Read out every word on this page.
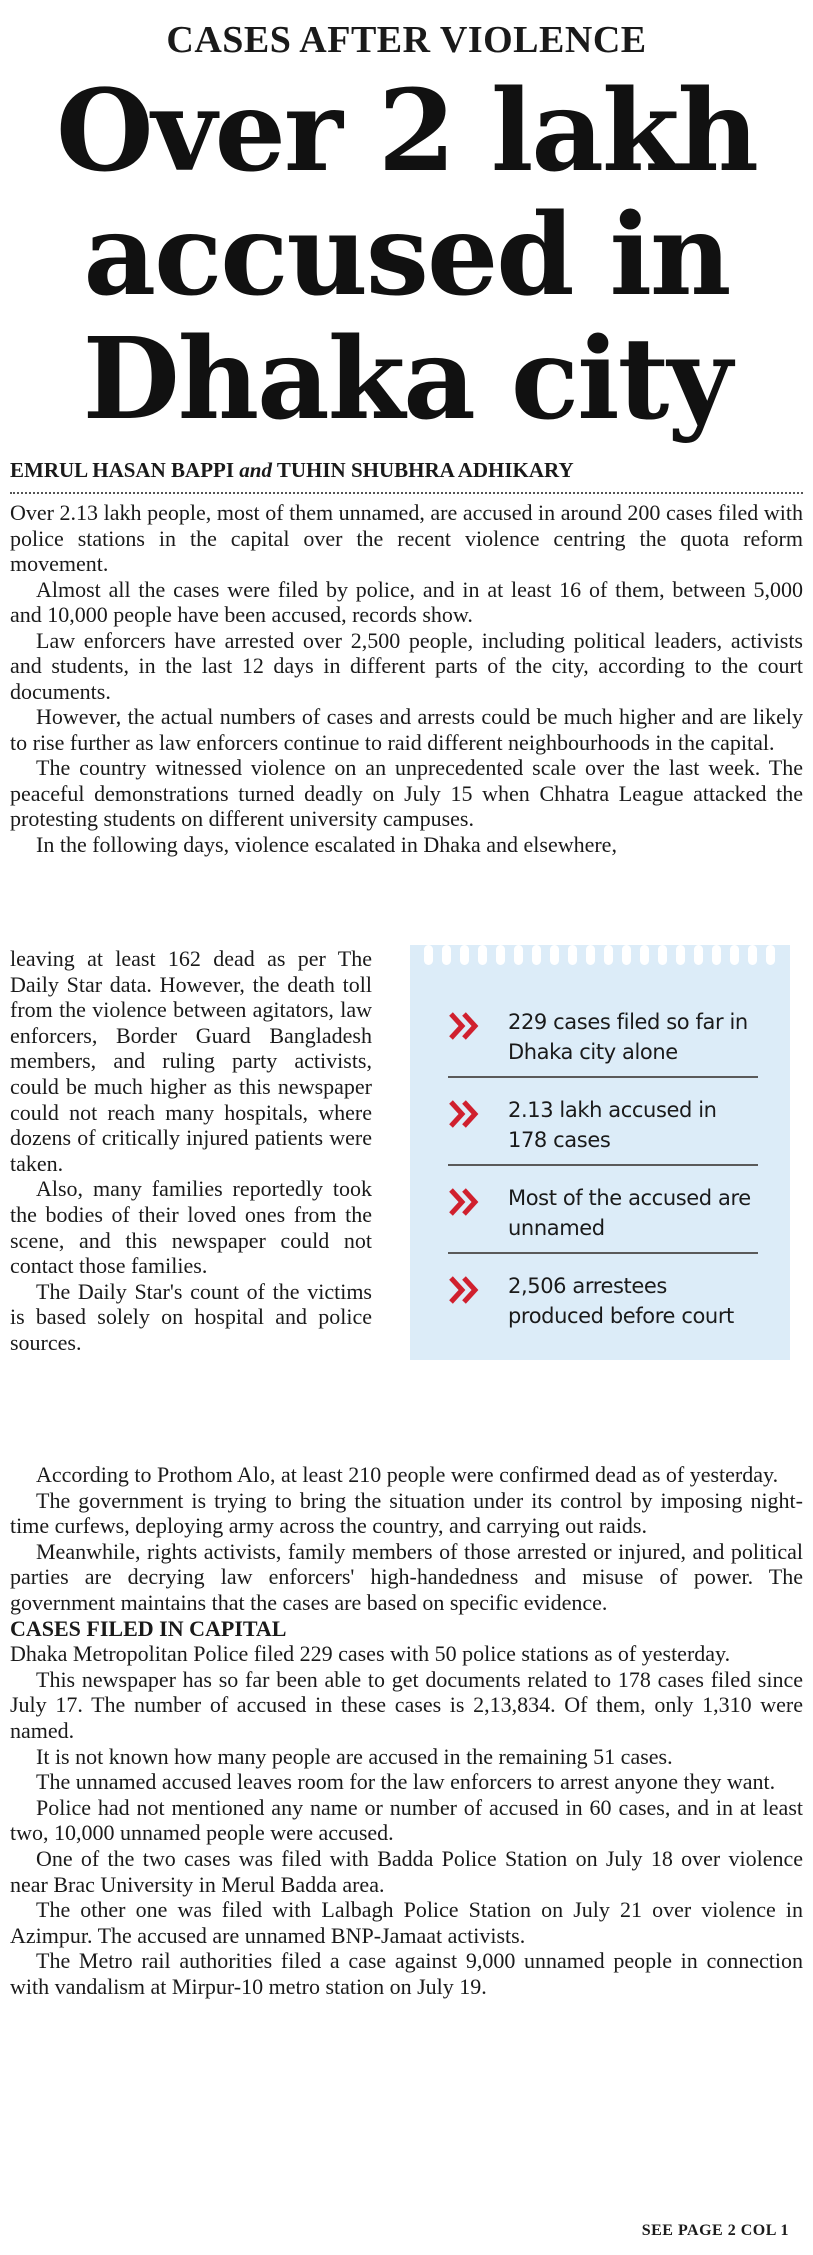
CASES AFTER VIOLENCE
Over 2 lakh
accused in
Dhaka city
EMRUL HASAN BAPPI and TUHIN SHUBHRA ADHIKARY

Over 2.13 lakh people, most of them unnamed, are accused in around 200 cases filed with police stations in the capital over the recent violence centring the quota reform movement.

Almost all the cases were filed by police, and in at least 16 of them, between 5,000 and 10,000 people have been accused, records show.

Law enforcers have arrested over 2,500 people, including political leaders, activists and students, in the last 12 days in different parts of the city, according to the court documents.

However, the actual numbers of cases and arrests could be much higher and are likely to rise further as law enforcers continue to raid different neighbourhoods in the capital.

The country witnessed violence on an unprecedented scale over the last week. The peaceful demonstrations turned deadly on July 15 when Chhatra League attacked the protesting students on different university campuses.

In the following days, violence escalated in Dhaka and elsewhere,

leaving at least 162 dead as per The Daily Star data. However, the death toll from the violence between agitators, law enforcers, Border Guard Bangladesh members, and ruling party activists, could be much higher as this newspaper could not reach many hospitals, where dozens of critically injured patients were taken.

Also, many families reportedly took the bodies of their loved ones from the scene, and this newspaper could not contact those families.

The Daily Star's count of the victims is based solely on hospital and police sources.

229 cases filed so far in Dhaka city alone
2.13 lakh accused in 178 cases
Most of the accused are unnamed
2,506 arrestees produced before court

According to Prothom Alo, at least 210 people were confirmed dead as of yesterday.

The government is trying to bring the situation under its control by imposing night-time curfews, deploying army across the country, and carrying out raids.

Meanwhile, rights activists, family members of those arrested or injured, and political parties are decrying law enforcers' high-handedness and misuse of power. The government maintains that the cases are based on specific evidence.

CASES FILED IN CAPITAL

Dhaka Metropolitan Police filed 229 cases with 50 police stations as of yesterday.

This newspaper has so far been able to get documents related to 178 cases filed since July 17. The number of accused in these cases is 2,13,834. Of them, only 1,310 were named.

It is not known how many people are accused in the remaining 51 cases.

The unnamed accused leaves room for the law enforcers to arrest anyone they want.

Police had not mentioned any name or number of accused in 60 cases, and in at least two, 10,000 unnamed people were accused.

One of the two cases was filed with Badda Police Station on July 18 over violence near Brac University in Merul Badda area.

The other one was filed with Lalbagh Police Station on July 21 over violence in Azimpur. The accused are unnamed BNP-Jamaat activists.

The Metro rail authorities filed a case against 9,000 unnamed people in connection with vandalism at Mirpur-10 metro station on July 19.

SEE PAGE 2 COL 1
